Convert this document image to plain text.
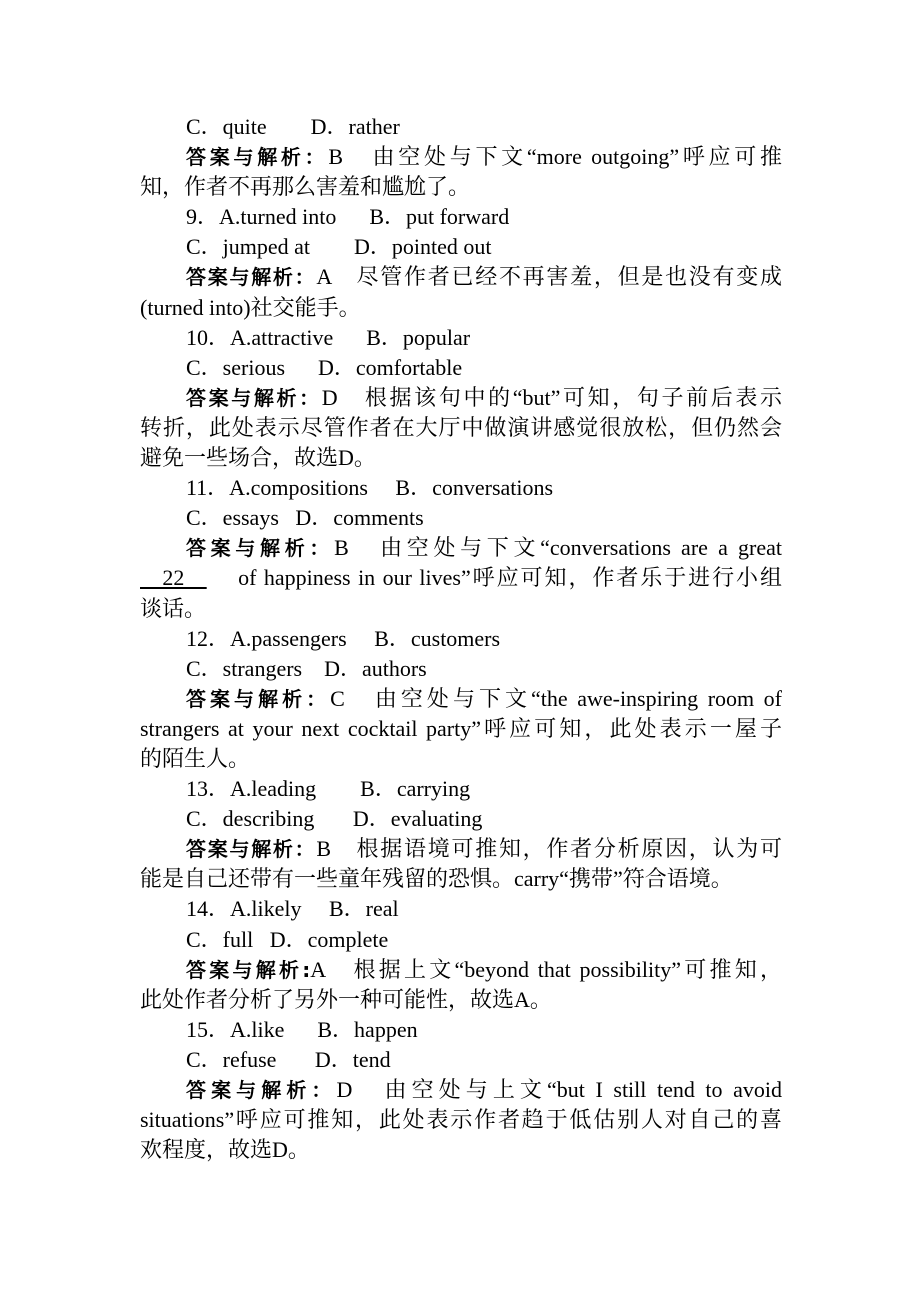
C．quite        D．rather
答案与解析：B　由空处与下文“more outgoing”呼应可推
知，作者不再那么害羞和尴尬了。
9．A.turned into      B．put forward
C．jumped at        D．pointed out
答案与解析：A　尽管作者已经不再害羞，但是也没有变成
(turned into)社交能手。
10．A.attractive      B．popular
C．serious      D．comfortable
答案与解析：D　根据该句中的“but”可知，句子前后表示
转折，此处表示尽管作者在大厅中做演讲感觉很放松，但仍然会
避免一些场合，故选D。
11．A.compositions     B．conversations
C．essays   D．comments
答案与解析：B　由空处与下文“conversations are a great
22    　of happiness in our lives”呼应可知，作者乐于进行小组
谈话。
12．A.passengers     B．customers
C．strangers    D．authors
答案与解析：C　由空处与下文“the awe-inspiring room of
strangers at your next cocktail party”呼应可知，此处表示一屋子
的陌生人。
13．A.leading        B．carrying
C．describing       D．evaluating
答案与解析：B　根据语境可推知，作者分析原因，认为可
能是自己还带有一些童年残留的恐惧。carry“携带”符合语境。
14．A.likely     B．real
C．full   D．complete
答案与解析:A　根据上文“beyond that possibility”可推知，
此处作者分析了另外一种可能性，故选A。
15．A.like      B．happen
C．refuse       D．tend
答案与解析：D　由空处与上文“but I still tend to avoid
situations”呼应可推知，此处表示作者趋于低估别人对自己的喜
欢程度，故选D。
